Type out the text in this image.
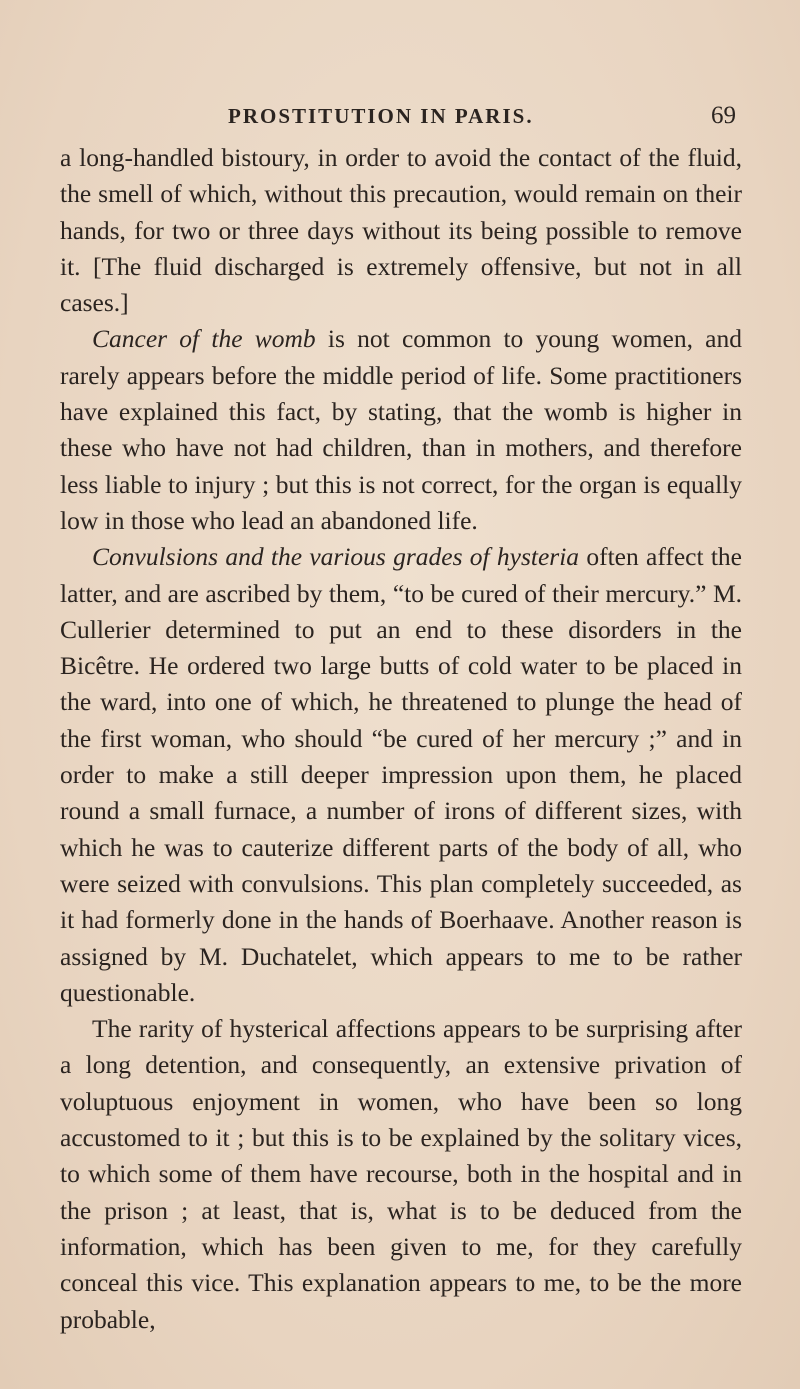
PROSTITUTION IN PARIS.	69

a long-handled bistoury, in order to avoid the contact of the fluid, the smell of which, without this precaution, would remain on their hands, for two or three days without its being possible to remove it. [The fluid discharged is extremely offensive, but not in all cases.]

Cancer of the womb is not common to young women, and rarely appears before the middle period of life. Some practitioners have explained this fact, by stating, that the womb is higher in these who have not had children, than in mothers, and therefore less liable to injury ; but this is not correct, for the organ is equally low in those who lead an abandoned life.

Convulsions and the various grades of hysteria often affect the latter, and are ascribed by them, “to be cured of their mercury.” M. Cullerier determined to put an end to these disorders in the Bicêtre. He ordered two large butts of cold water to be placed in the ward, into one of which, he threatened to plunge the head of the first woman, who should “be cured of her mercury ;” and in order to make a still deeper impression upon them, he placed round a small furnace, a number of irons of different sizes, with which he was to cauterize different parts of the body of all, who were seized with convulsions. This plan completely succeeded, as it had formerly done in the hands of Boerhaave. Another reason is assigned by M. Duchatelet, which appears to me to be rather questionable.

The rarity of hysterical affections appears to be surprising after a long detention, and consequently, an extensive privation of voluptuous enjoyment in women, who have been so long accustomed to it ; but this is to be explained by the solitary vices, to which some of them have recourse, both in the hospital and in the prison ; at least, that is, what is to be deduced from the information, which has been given to me, for they carefully conceal this vice. This explanation appears to me, to be the more probable,
